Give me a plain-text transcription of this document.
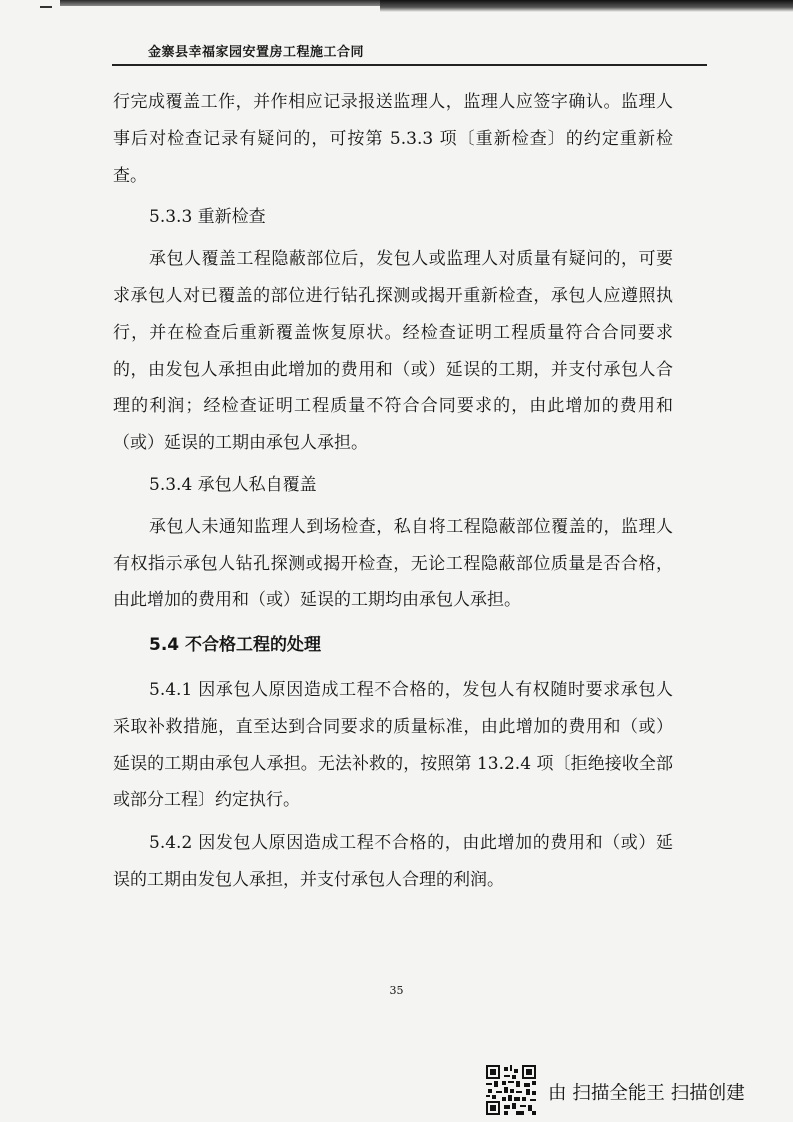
金寨县幸福家园安置房工程施工合同

行完成覆盖工作，并作相应记录报送监理人，监理人应签字确认。监理人事后对检查记录有疑问的，可按第 5.3.3 项〔重新检查〕的约定重新检查。

5.3.3 重新检查

承包人覆盖工程隐蔽部位后，发包人或监理人对质量有疑问的，可要求承包人对已覆盖的部位进行钻孔探测或揭开重新检查，承包人应遵照执行，并在检查后重新覆盖恢复原状。经检查证明工程质量符合合同要求的，由发包人承担由此增加的费用和（或）延误的工期，并支付承包人合理的利润；经检查证明工程质量不符合合同要求的，由此增加的费用和（或）延误的工期由承包人承担。

5.3.4 承包人私自覆盖

承包人未通知监理人到场检查，私自将工程隐蔽部位覆盖的，监理人有权指示承包人钻孔探测或揭开检查，无论工程隐蔽部位质量是否合格，由此增加的费用和（或）延误的工期均由承包人承担。

5.4 不合格工程的处理

5.4.1 因承包人原因造成工程不合格的，发包人有权随时要求承包人采取补救措施，直至达到合同要求的质量标准，由此增加的费用和（或）延误的工期由承包人承担。无法补救的，按照第 13.2.4 项〔拒绝接收全部或部分工程〕约定执行。

5.4.2 因发包人原因造成工程不合格的，由此增加的费用和（或）延误的工期由发包人承担，并支付承包人合理的利润。

35
由 扫描全能王 扫描创建
